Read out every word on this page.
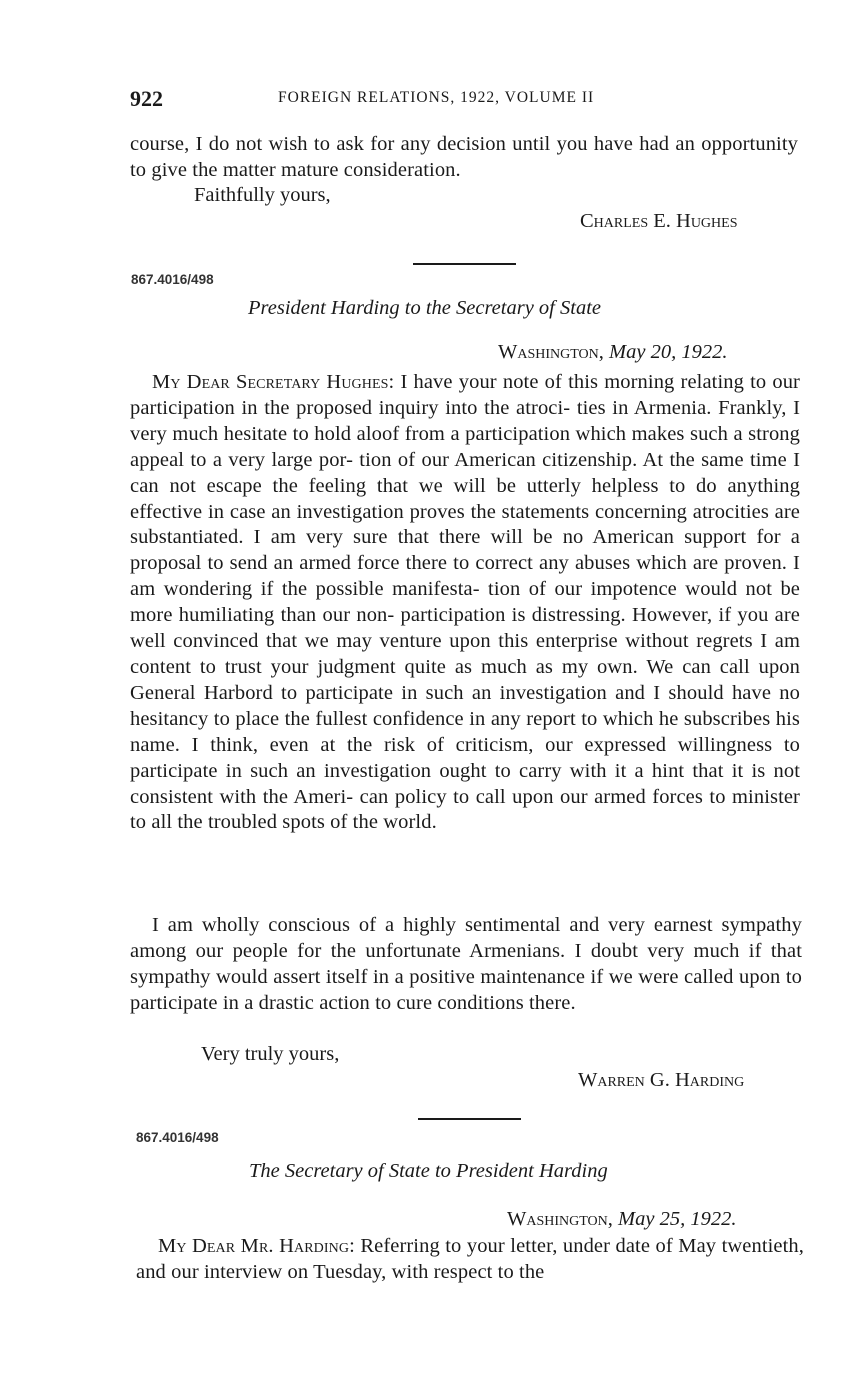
922	FOREIGN RELATIONS, 1922, VOLUME II

course, I do not wish to ask for any decision until you have had an opportunity to give the matter mature consideration.

Faithfully yours,

Charles E. Hughes

867.4016/498

President Harding to the Secretary of State

Washington, May 20, 1922.

My Dear Secretary Hughes: I have your note of this morning relating to our participation in the proposed inquiry into the atroci- ties in Armenia. Frankly, I very much hesitate to hold aloof from a participation which makes such a strong appeal to a very large por- tion of our American citizenship. At the same time I can not escape the feeling that we will be utterly helpless to do anything effective in case an investigation proves the statements concerning atrocities are substantiated. I am very sure that there will be no American support for a proposal to send an armed force there to correct any abuses which are proven. I am wondering if the possible manifesta- tion of our impotence would not be more humiliating than our non- participation is distressing. However, if you are well convinced that we may venture upon this enterprise without regrets I am content to trust your judgment quite as much as my own. We can call upon General Harbord to participate in such an investigation and I should have no hesitancy to place the fullest confidence in any report to which he subscribes his name. I think, even at the risk of criticism, our expressed willingness to participate in such an investigation ought to carry with it a hint that it is not consistent with the Ameri- can policy to call upon our armed forces to minister to all the troubled spots of the world.

I am wholly conscious of a highly sentimental and very earnest sympathy among our people for the unfortunate Armenians. I doubt very much if that sympathy would assert itself in a positive maintenance if we were called upon to participate in a drastic action to cure conditions there.

Very truly yours,

Warren G. Harding

867.4016/498

The Secretary of State to President Harding

Washington, May 25, 1922.

My Dear Mr. Harding: Referring to your letter, under date of May twentieth, and our interview on Tuesday, with respect to the
